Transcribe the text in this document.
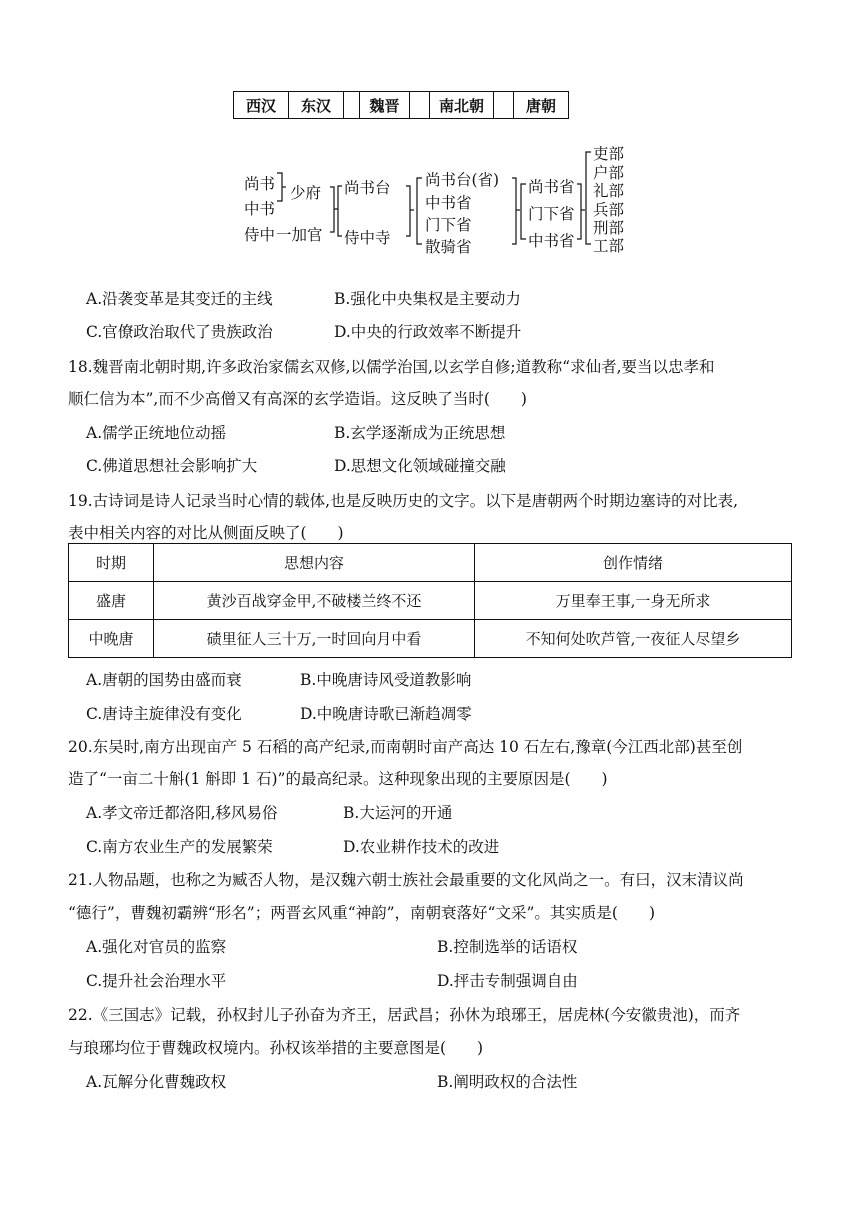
西汉	东汉	魏晋	南北朝	唐朝
尚书
中书
侍中 一加官
少府 尚书台
侍中寺
尚书台(省)
中书省
门下省
散骑省
尚书省
门下省
中书省
吏部
户部
礼部
兵部
刑部
工部
A.沿袭变革是其变迁的主线	B.强化中央集权是主要动力
C.官僚政治取代了贵族政治	D.中央的行政效率不断提升
18.魏晋南北朝时期,许多政治家儒玄双修,以儒学治国,以玄学自修;道教称“求仙者,要当以忠孝和
顺仁信为本”,而不少高僧又有高深的玄学造诣。这反映了当时(　　)
A.儒学正统地位动摇	B.玄学逐渐成为正统思想
C.佛道思想社会影响扩大	D.思想文化领域碰撞交融
19.古诗词是诗人记录当时心情的载体,也是反映历史的文字。以下是唐朝两个时期边塞诗的对比表,
表中相关内容的对比从侧面反映了(　　)
时期	思想内容	创作情绪
盛唐	黄沙百战穿金甲,不破楼兰终不还	万里奉王事,一身无所求
中晚唐	碛里征人三十万,一时回向月中看	不知何处吹芦管,一夜征人尽望乡
A.唐朝的国势由盛而衰	B.中晚唐诗风受道教影响
C.唐诗主旋律没有变化	D.中晚唐诗歌已渐趋凋零
20.东吴时,南方出现亩产 5 石稻的高产纪录,而南朝时亩产高达 10 石左右,豫章(今江西北部)甚至创
造了“一亩二十斛(1 斛即 1 石)”的最高纪录。这种现象出现的主要原因是(　　)
A.孝文帝迁都洛阳,移风易俗	B.大运河的开通
C.南方农业生产的发展繁荣	D.农业耕作技术的改进
21.人物品题，也称之为臧否人物，是汉魏六朝士族社会最重要的文化风尚之一。有曰，汉末清议尚
“德行”，曹魏初霸辨“形名”；两晋玄风重“神韵”，南朝衰落好“文采”。其实质是(　　)
A.强化对官员的监察	B.控制选举的话语权
C.提升社会治理水平	D.抨击专制强调自由
22.《三国志》记载，孙权封儿子孙奋为齐王，居武昌；孙休为琅琊王，居虎林(今安徽贵池)，而齐
与琅琊均位于曹魏政权境内。孙权该举措的主要意图是(　　)
A.瓦解分化曹魏政权	B.阐明政权的合法性
